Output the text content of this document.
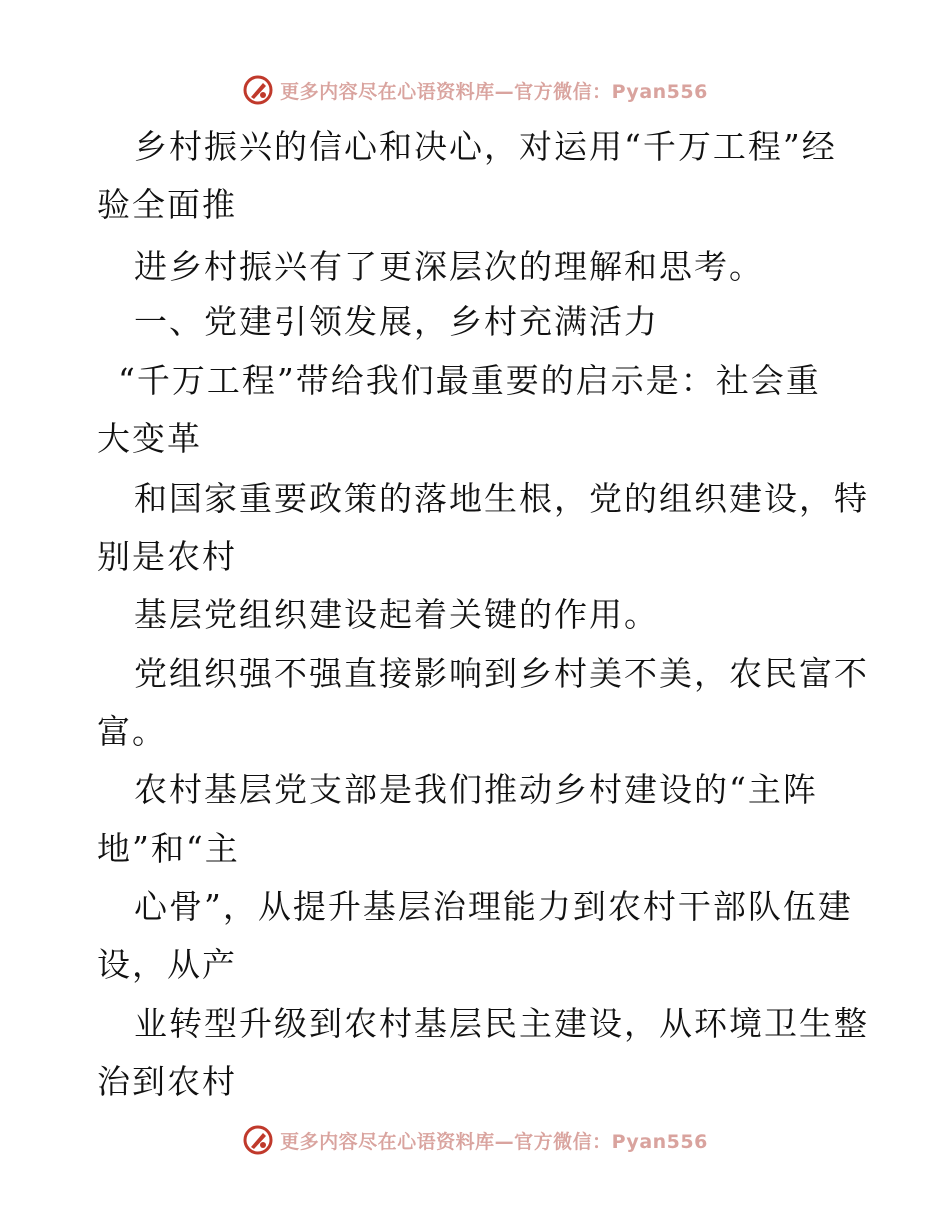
更多内容尽在心语资料库—官方微信：Pyan556
乡村振兴的信心和决心，对运用“千万工程”经
验全面推
进乡村振兴有了更深层次的理解和思考。
一、党建引领发展，乡村充满活力
“千万工程”带给我们最重要的启示是：社会重
大变革
和国家重要政策的落地生根，党的组织建设，特
别是农村
基层党组织建设起着关键的作用。
党组织强不强直接影响到乡村美不美，农民富不
富。
农村基层党支部是我们推动乡村建设的“主阵
地”和“主
心骨”，从提升基层治理能力到农村干部队伍建
设，从产
业转型升级到农村基层民主建设，从环境卫生整
治到农村
更多内容尽在心语资料库—官方微信：Pyan556
